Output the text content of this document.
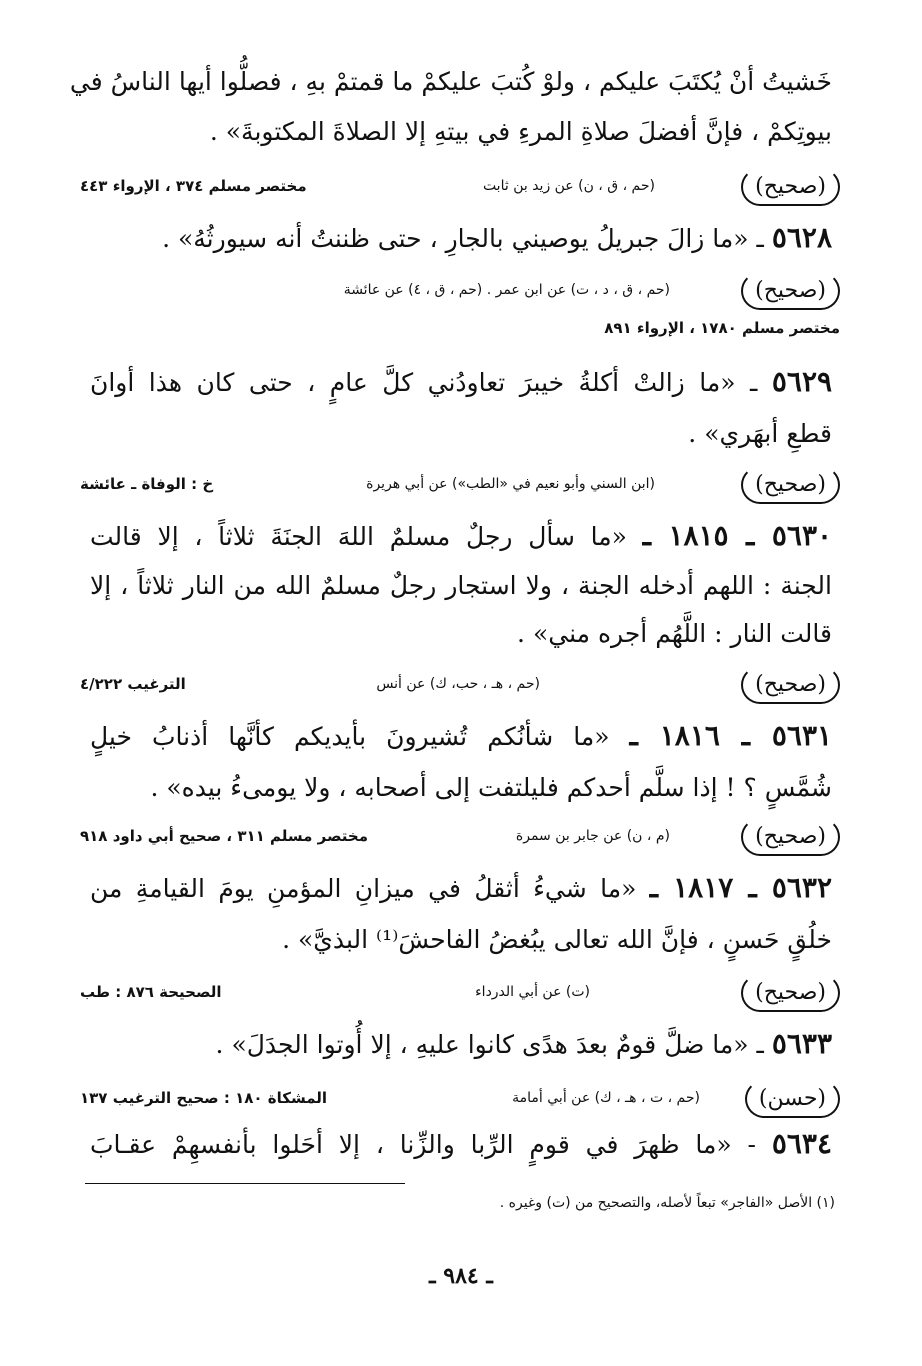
خَشيتُ أنْ يُكتَبَ عليكم ، ولوْ كُتبَ عليكمْ ما قمتمْ بهِ ، فصلُّوا أيها الناسُ في
بيوتِكمْ ، فإنَّ أفضلَ صلاةِ المرءِ في بيتهِ إلا الصلاةَ المكتوبةَ» .
(صحيح)
(حم ، ق ، ن) عن زيد بن ثابت
مختصر مسلم ٣٧٤ ، الإرواء ٤٤٣
٥٦٢٨ ـ «ما زالَ جبريلُ يوصيني بالجارِ ، حتى ظننتُ أنه سيورثُهُ» .
(صحيح)
(حم ، ق ، د ، ت) عن ابن عمر . (حم ، ق ، ٤) عن عائشة
مختصر مسلم ١٧٨٠ ، الإرواء ٨٩١
٥٦٢٩ ـ «ما زالتْ أكلةُ خيبرَ تعاودُني كلَّ عامٍ ، حتى كان هذا أوانَ
قطعِ أبهَري» .
(صحيح)
(ابن السني وأبو نعيم في «الطب») عن أبي هريرة
خ : الوفاة ـ عائشة
٥٦٣٠ ـ ١٨١٥ ـ «ما سأل رجلٌ مسلمٌ اللهَ الجنَةَ ثلاثاً ، إلا قالت
الجنة : اللهم أدخله الجنة ، ولا استجار رجلٌ مسلمٌ الله من النار ثلاثاً ، إلا
قالت النار : اللَّهُم أجره مني» .
(صحيح)
(حم ، هـ ، حب، ك) عن أنس
الترغيب ٤/٢٢٢
٥٦٣١ ـ ١٨١٦ ـ «ما شأنُكم تُشيرونَ بأيديكم كأنَّها أذنابُ خيلٍ
شُمَّسٍ ؟ ! إذا سلَّم أحدكم فليلتفت إلى أصحابه ، ولا يومىءُ بيده» .
(صحيح)
(م ، ن) عن جابر بن سمرة
مختصر مسلم ٣١١ ، صحيح أبي داود ٩١٨
٥٦٣٢ ـ ١٨١٧ ـ «ما شيءُ أثقلُ في ميزانِ المؤمنِ يومَ القيامةِ من
خلُقٍ حَسنٍ ، فإنَّ الله تعالى يبُغضُ الفاحشَ⁽¹⁾ البذيَّ» .
(صحيح)
(ت) عن أبي الدرداء
الصحيحة ٨٧٦ : طب
٥٦٣٣ ـ «ما ضلَّ قومٌ بعدَ هدًى كانوا عليهِ ، إلا أُوتوا الجدَلَ» .
(حسن)
(حم ، ت ، هـ ، ك) عن أبي أمامة
المشكاة ١٨٠ : صحيح الترغيب ١٣٧
٥٦٣٤ - «ما ظهرَ في قومٍ الرِّبا والزِّنا ، إلا أحَلوا بأنفسهِمْ عقـابَ
(١) الأصل «الفاجر» تبعاً لأصله، والتصحيح من (ت) وغيره .
ـ ٩٨٤ ـ
